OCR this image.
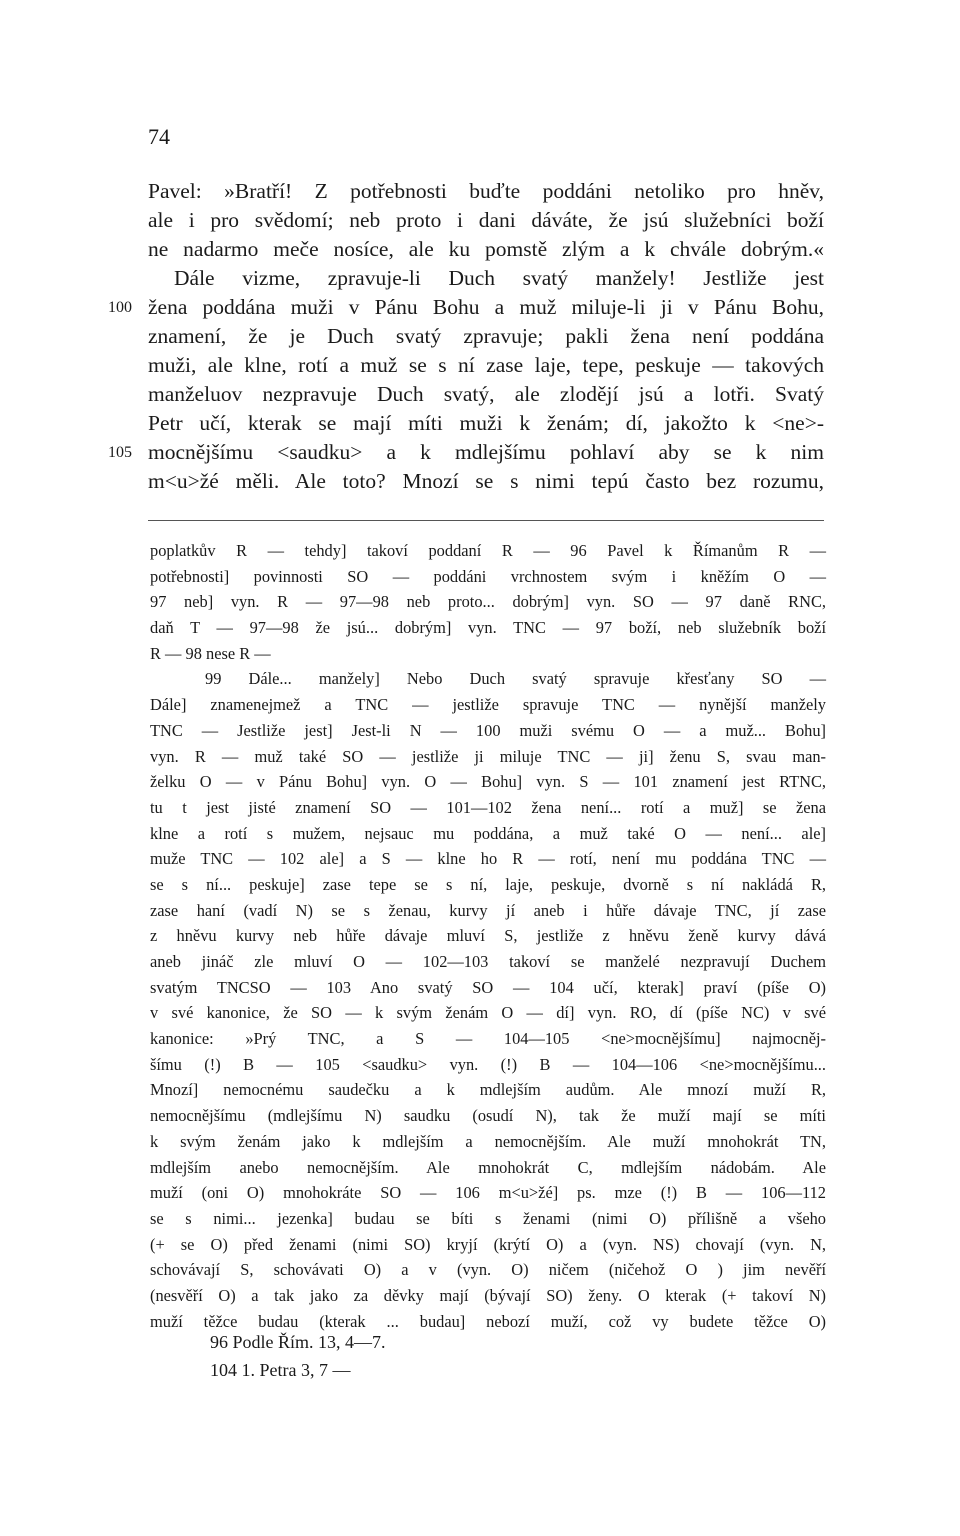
74
Pavel: »Bratří! Z potřebnosti buďte poddáni netoliko pro hněv,
ale i pro svědomí; neb proto i dani dáváte, že jsú služebníci boží
ne nadarmo meče nosíce, ale ku pomstě zlým a k chvále dobrým.«
Dále vizme, zpravuje-li Duch svatý manžely! Jestliže jest
100 žena poddána muži v Pánu Bohu a muž miluje-li ji v Pánu Bohu,
znamení, že je Duch svatý zpravuje; pakli žena není poddána
muži, ale klne, rotí a muž se s ní zase laje, tepe, peskuje — takových
manželuov nezpravuje Duch svatý, ale zlodějí jsú a lotři. Svatý
Petr učí, kterak se mají míti muži k ženám; dí, jakožto k <ne>-
105 mocnějšímu <saudku> a k mdlejšímu pohlaví aby se k nim
m<u>žé měli. Ale toto? Mnozí se s nimi tepú často bez rozumu,
poplatkův R — tehdy] takoví poddaní R — 96 Pavel k Římanům R —
potřebnosti] povinnosti SO — poddáni vrchnostem svým i kněžím O —
97 neb] vyn. R — 97—98 neb proto... dobrým] vyn. SO — 97 daně RNC,
daň T — 97—98 že jsú... dobrým] vyn. TNC — 97 boží, neb služebník boží
R — 98 nese R —
99 Dále... manžely] Nebo Duch svatý spravuje křesťany SO —
Dále] znamenejmež a TNC — jestliže spravuje TNC — nynější manžely
TNC — Jestliže jest] Jest-li N — 100 muži svému O — a muž... Bohu]
vyn. R — muž také SO — jestliže ji miluje TNC — ji] ženu S, svau man-
želku O — v Pánu Bohu] vyn. O — Bohu] vyn. S — 101 znamení jest RTNC,
tu t jest jisté znamení SO — 101—102 žena není... rotí a muž] se žena
klne a rotí s mužem, nejsauc mu poddána, a muž také O — není... ale]
muže TNC — 102 ale] a S — klne ho R — rotí, není mu poddána TNC —
se s ní... peskuje] zase tepe se s ní, laje, peskuje, dvorně s ní nakládá R,
zase haní (vadí N) se s ženau, kurvy jí aneb i hůře dávaje TNC, jí zase
z hněvu kurvy neb hůře dávaje mluví S, jestliže z hněvu ženě kurvy dává
aneb jináč zle mluví O — 102—103 takoví se manželé nezpravují Duchem
svatým TNCSO — 103 Ano svatý SO — 104 učí, kterak] praví (píše O)
v své kanonice, že SO — k svým ženám O — dí] vyn. RO, dí (píše NC) v své
kanonice: »Prý TNC, a S — 104—105 <ne>mocnějšímu] najmocněj-
šímu (!) B — 105 <saudku> vyn. (!) B — 104—106 <ne>mocnějšímu...
Mnozí] nemocnému saudečku a k mdlejším audům. Ale mnozí muží R,
nemocnějšímu (mdlejšímu N) saudku (osudí N), tak že muží mají se míti
k svým ženám jako k mdlejším a nemocnějším. Ale muží mnohokrát TN,
mdlejším anebo nemocnějším. Ale mnohokrát C, mdlejším nádobám. Ale
muží (oni O) mnohokráte SO — 106 m<u>žé] ps. mze (!) B — 106—112
se s nimi... jezenka] budau se bíti s ženami (nimi O) přílišně a všeho
(+ se O) před ženami (nimi SO) kryjí (krýtí O) a (vyn. NS) chovají (vyn. N,
schovávají S, schovávati O) a v (vyn. O) ničem (ničehož O ) jim nevěří
(nesvěří O) a tak jako za děvky mají (bývají SO) ženy. O kterak (+ takoví N)
muží těžce budau (kterak ... budau] nebozí muží, což vy budete těžce O)
96 Podle Řím. 13, 4—7.
104 1. Petra 3, 7 —
